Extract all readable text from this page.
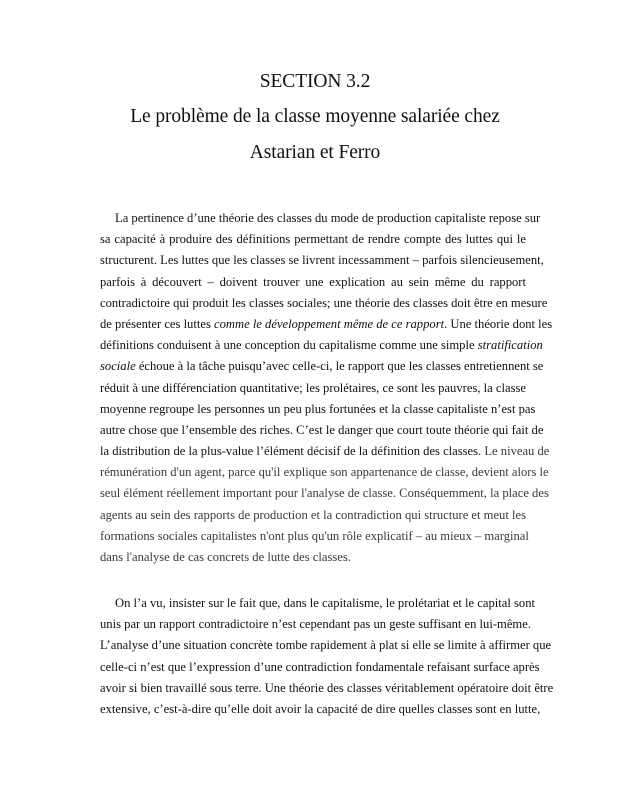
SECTION 3.2
Le problème de la classe moyenne salariée chez
Astarian et Ferro
La pertinence d’une théorie des classes du mode de production capitaliste repose sur
sa capacité à produire des définitions permettant de rendre compte des luttes qui le
structurent. Les luttes que les classes se livrent incessamment – parfois silencieusement,
parfois à découvert – doivent trouver une explication au sein même du rapport
contradictoire qui produit les classes sociales; une théorie des classes doit être en mesure
de présenter ces luttes comme le développement même de ce rapport. Une théorie dont les
définitions conduisent à une conception du capitalisme comme une simple stratification
sociale échoue à la tâche puisqu’avec celle-ci, le rapport que les classes entretiennent se
réduit à une différenciation quantitative; les prolétaires, ce sont les pauvres, la classe
moyenne regroupe les personnes un peu plus fortunées et la classe capitaliste n’est pas
autre chose que l’ensemble des riches. C’est le danger que court toute théorie qui fait de
la distribution de la plus-value l’élément décisif de la définition des classes. Le niveau de
rémunération d'un agent, parce qu'il explique son appartenance de classe, devient alors le
seul élément réellement important pour l'analyse de classe. Conséquemment, la place des
agents au sein des rapports de production et la contradiction qui structure et meut les
formations sociales capitalistes n'ont plus qu'un rôle explicatif – au mieux – marginal
dans l'analyse de cas concrets de lutte des classes.
On l’a vu, insister sur le fait que, dans le capitalisme, le prolétariat et le capital sont
unis par un rapport contradictoire n’est cependant pas un geste suffisant en lui-même.
L’analyse d’une situation concrète tombe rapidement à plat si elle se limite à affirmer que
celle-ci n’est que l’expression d’une contradiction fondamentale refaisant surface après
avoir si bien travaillé sous terre. Une théorie des classes véritablement opératoire doit être
extensive, c’est-à-dire qu’elle doit avoir la capacité de dire quelles classes sont en lutte,
